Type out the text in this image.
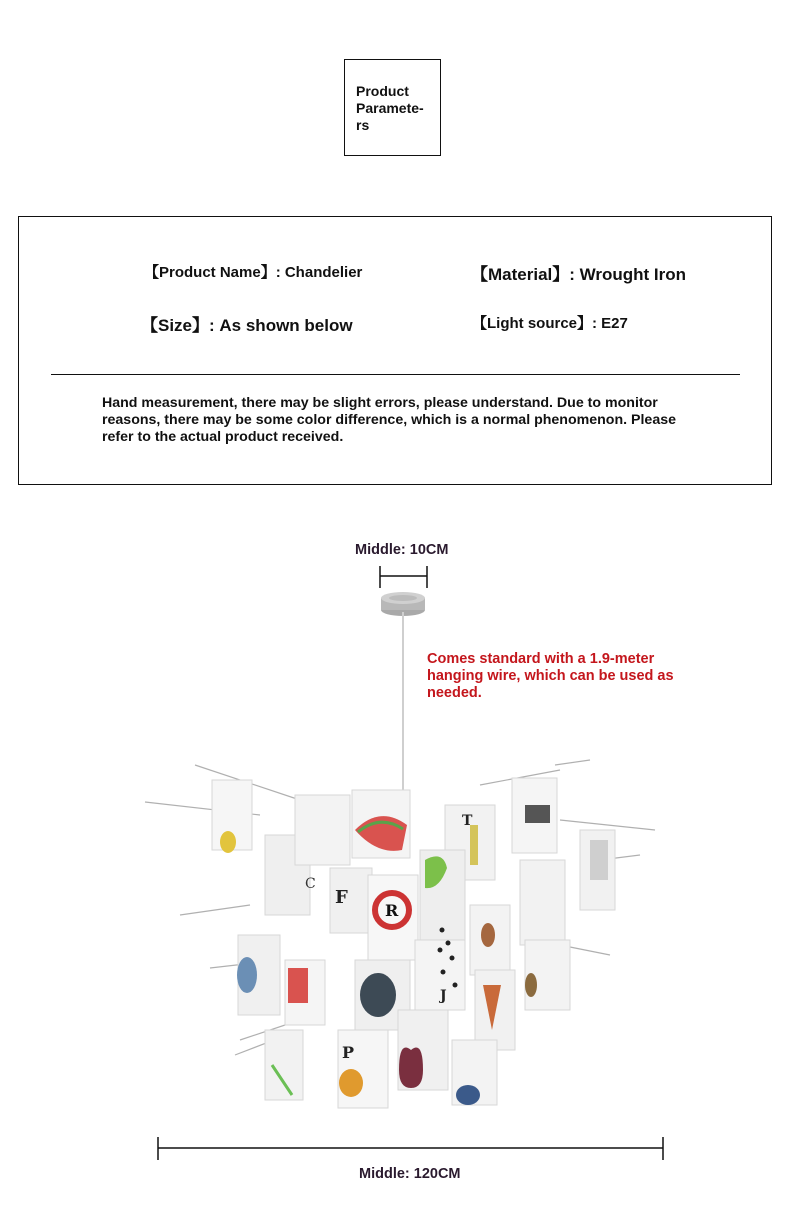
Product Paramete-
rs
【Product Name】: Chandelier
【Size】: As shown below
【Material】: Wrought Iron
【Light source】: E27
Hand measurement, there may be slight errors, please understand. Due to monitor reasons, there may be some color difference, which is a normal phenomenon. Please refer to the actual product received.
R
F
C
P
J
T
Middle: 10CM
Comes standard with a 1.9-meter hanging wire, which can be used as needed.
Middle: 120CM
